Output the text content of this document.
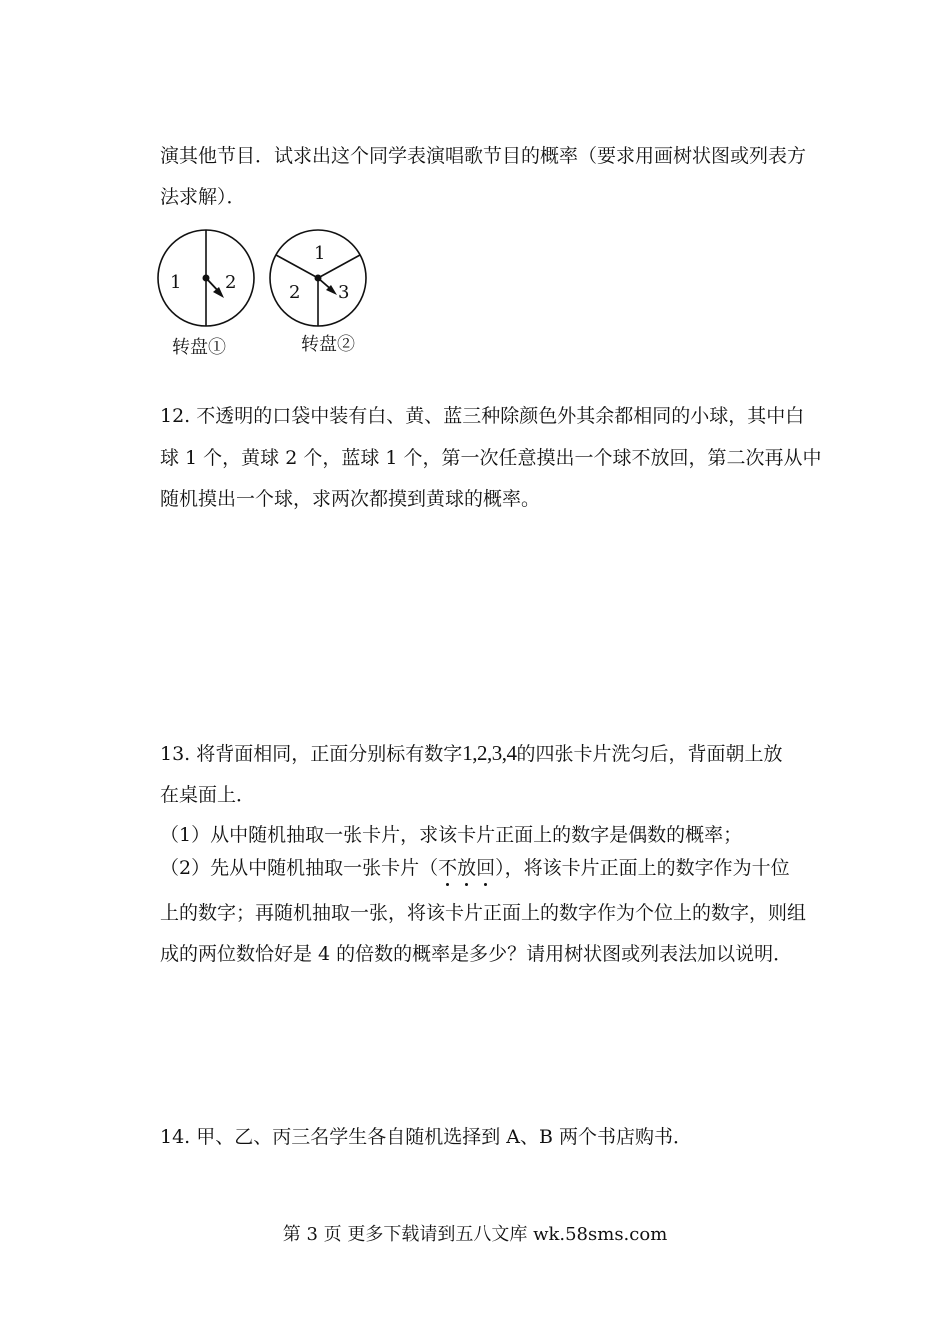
演其他节目．试求出这个同学表演唱歌节目的概率（要求用画树状图或列表方
法求解）．
1 2
转盘①
1
2 3
转盘②
12. 不透明的口袋中装有白、黄、蓝三种除颜色外其余都相同的小球，其中白
球 1 个，黄球 2 个，蓝球 1 个，第一次任意摸出一个球不放回，第二次再从中
随机摸出一个球，求两次都摸到黄球的概率。
13. 将背面相同，正面分别标有数字1,2,3,4的四张卡片洗匀后，背面朝上放
在桌面上．
（1）从中随机抽取一张卡片，求该卡片正面上的数字是偶数的概率；
（2）先从中随机抽取一张卡片（不放回），将该卡片正面上的数字作为十位
上的数字；再随机抽取一张，将该卡片正面上的数字作为个位上的数字，则组
成的两位数恰好是 4 的倍数的概率是多少？请用树状图或列表法加以说明．
14. 甲、乙、丙三名学生各自随机选择到 A、B 两个书店购书．
第 3 页 更多下载请到五八文库 wk.58sms.com
